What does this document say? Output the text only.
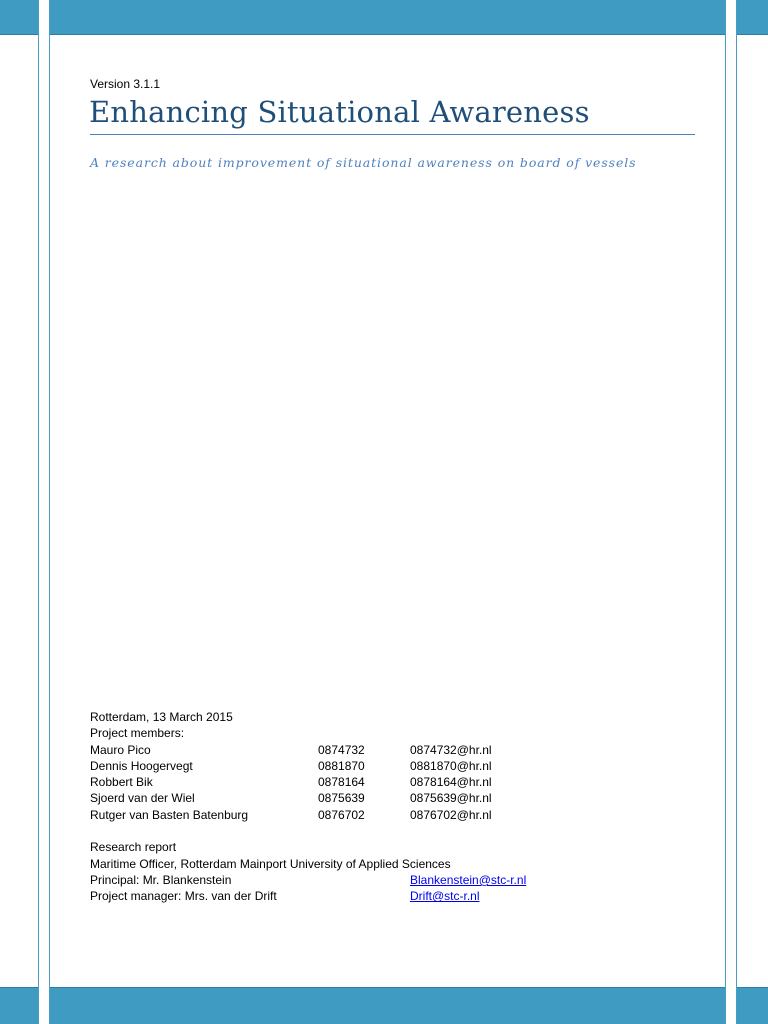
Version 3.1.1
Enhancing Situational Awareness
A research about improvement of situational awareness on board of vessels
Rotterdam, 13 March 2015
Project members:
Mauro Pico	0874732	0874732@hr.nl
Dennis Hoogervegt	0881870	0881870@hr.nl
Robbert Bik	0878164	0878164@hr.nl
Sjoerd van der Wiel	0875639	0875639@hr.nl
Rutger van Basten Batenburg	0876702	0876702@hr.nl
Research report
Maritime Officer, Rotterdam Mainport University of Applied Sciences
Principal: Mr. Blankenstein	Blankenstein@stc-r.nl
Project manager: Mrs. van der Drift	Drift@stc-r.nl
